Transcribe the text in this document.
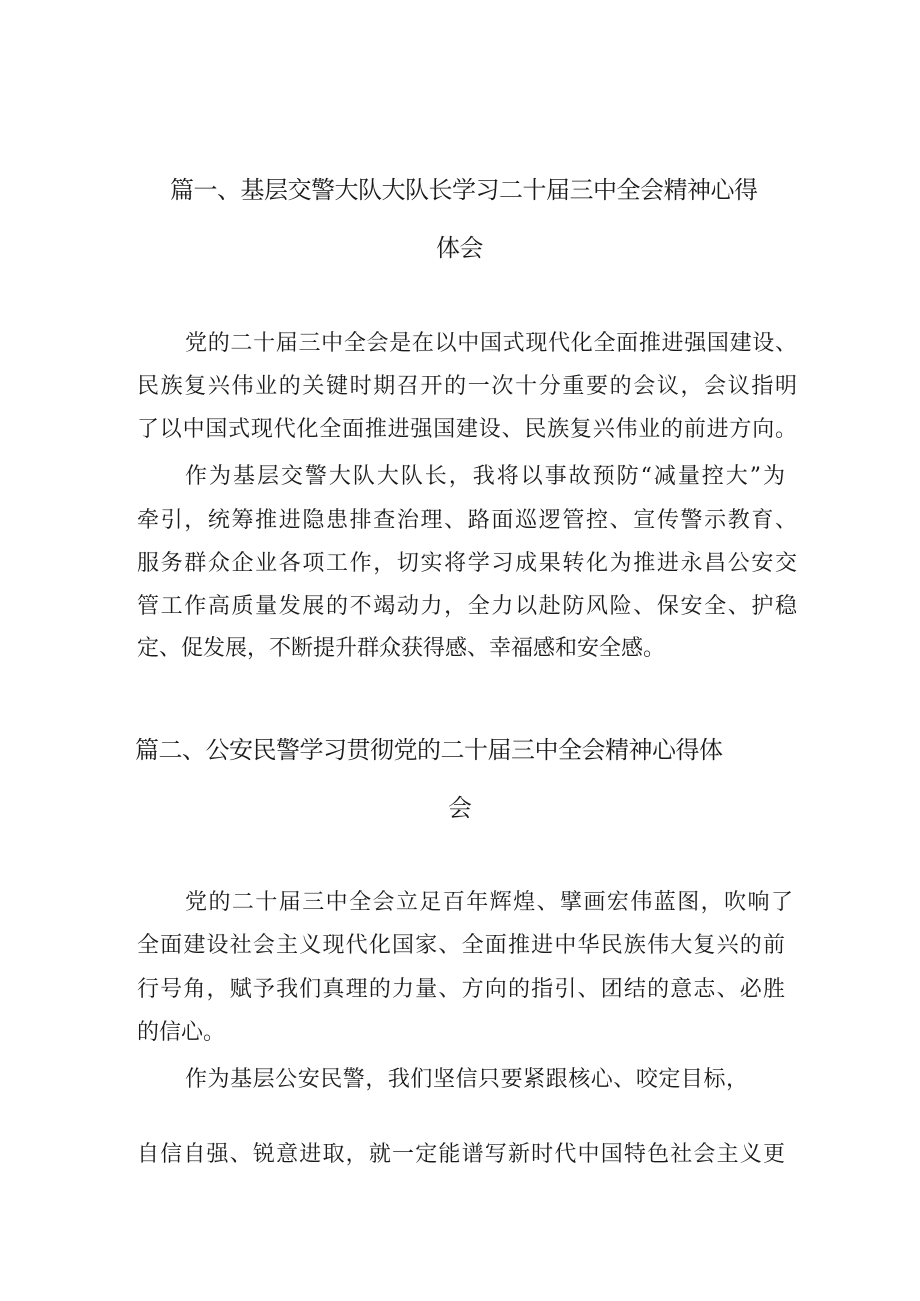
篇一、基层交警大队大队长学习二十届三中全会精神心得
体会
党的二十届三中全会是在以中国式现代化全面推进强国建设、
民族复兴伟业的关键时期召开的一次十分重要的会议，会议指明
了以中国式现代化全面推进强国建设、民族复兴伟业的前进方向。
作为基层交警大队大队长，我将以事故预防“减量控大”为
牵引，统筹推进隐患排查治理、路面巡逻管控、宣传警示教育、
服务群众企业各项工作，切实将学习成果转化为推进永昌公安交
管工作高质量发展的不竭动力，全力以赴防风险、保安全、护稳
定、促发展，不断提升群众获得感、幸福感和安全感。
篇二、公安民警学习贯彻党的二十届三中全会精神心得体
会
党的二十届三中全会立足百年辉煌、擘画宏伟蓝图，吹响了
全面建设社会主义现代化国家、全面推进中华民族伟大复兴的前
行号角，赋予我们真理的力量、方向的指引、团结的意志、必胜
的信心。
作为基层公安民警，我们坚信只要紧跟核心、咬定目标，
自信自强、锐意进取，就一定能谱写新时代中国特色社会主义更
